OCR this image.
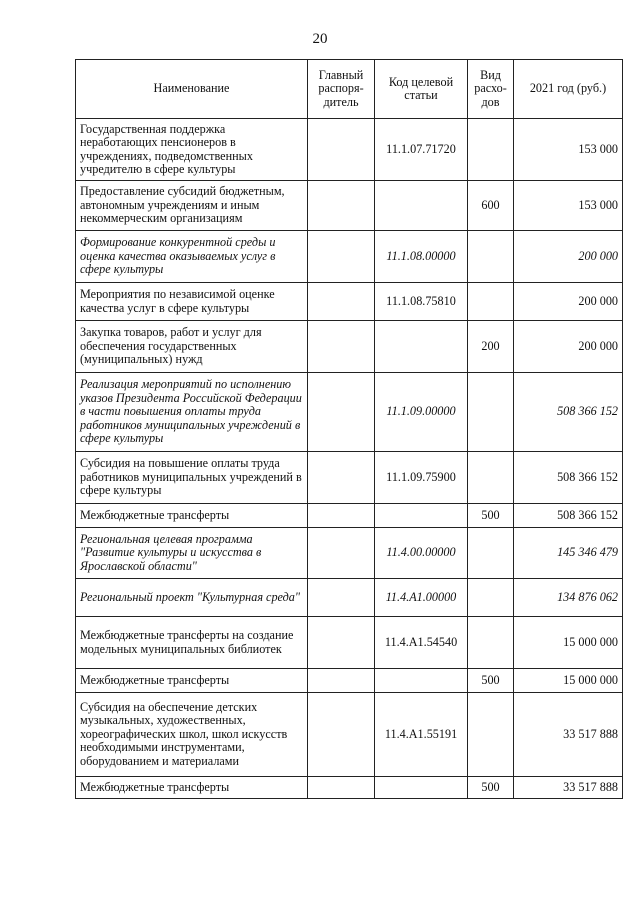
20
Наименование	Главный распоря-дитель	Код целевой статьи	Вид расхо-дов	2021 год (руб.)
Государственная поддержка неработающих пенсионеров в учреждениях, подведомственных учредителю в сфере культуры		11.1.07.71720		153 000
Предоставление субсидий бюджетным, автономным учреждениям и иным некоммерческим организациям			600	153 000
Формирование конкурентной среды и оценка качества оказываемых услуг в сфере культуры		11.1.08.00000		200 000
Мероприятия по независимой оценке качества услуг в сфере культуры		11.1.08.75810		200 000
Закупка товаров, работ и услуг для обеспечения государственных (муниципальных) нужд			200	200 000
Реализация мероприятий по исполнению указов Президента Российской Федерации в части повышения оплаты труда работников муниципальных учреждений в сфере культуры		11.1.09.00000		508 366 152
Субсидия на повышение оплаты труда работников муниципальных учреждений в сфере культуры		11.1.09.75900		508 366 152
Межбюджетные трансферты			500	508 366 152
Региональная целевая программа "Развитие культуры и искусства в Ярославской области"		11.4.00.00000		145 346 479
Региональный проект "Культурная среда"		11.4.A1.00000		134 876 062
Межбюджетные трансферты на создание модельных муниципальных библиотек		11.4.A1.54540		15 000 000
Межбюджетные трансферты			500	15 000 000
Субсидия на обеспечение детских музыкальных, художественных, хореографических школ, школ искусств необходимыми инструментами, оборудованием и материалами		11.4.A1.55191		33 517 888
Межбюджетные трансферты			500	33 517 888
